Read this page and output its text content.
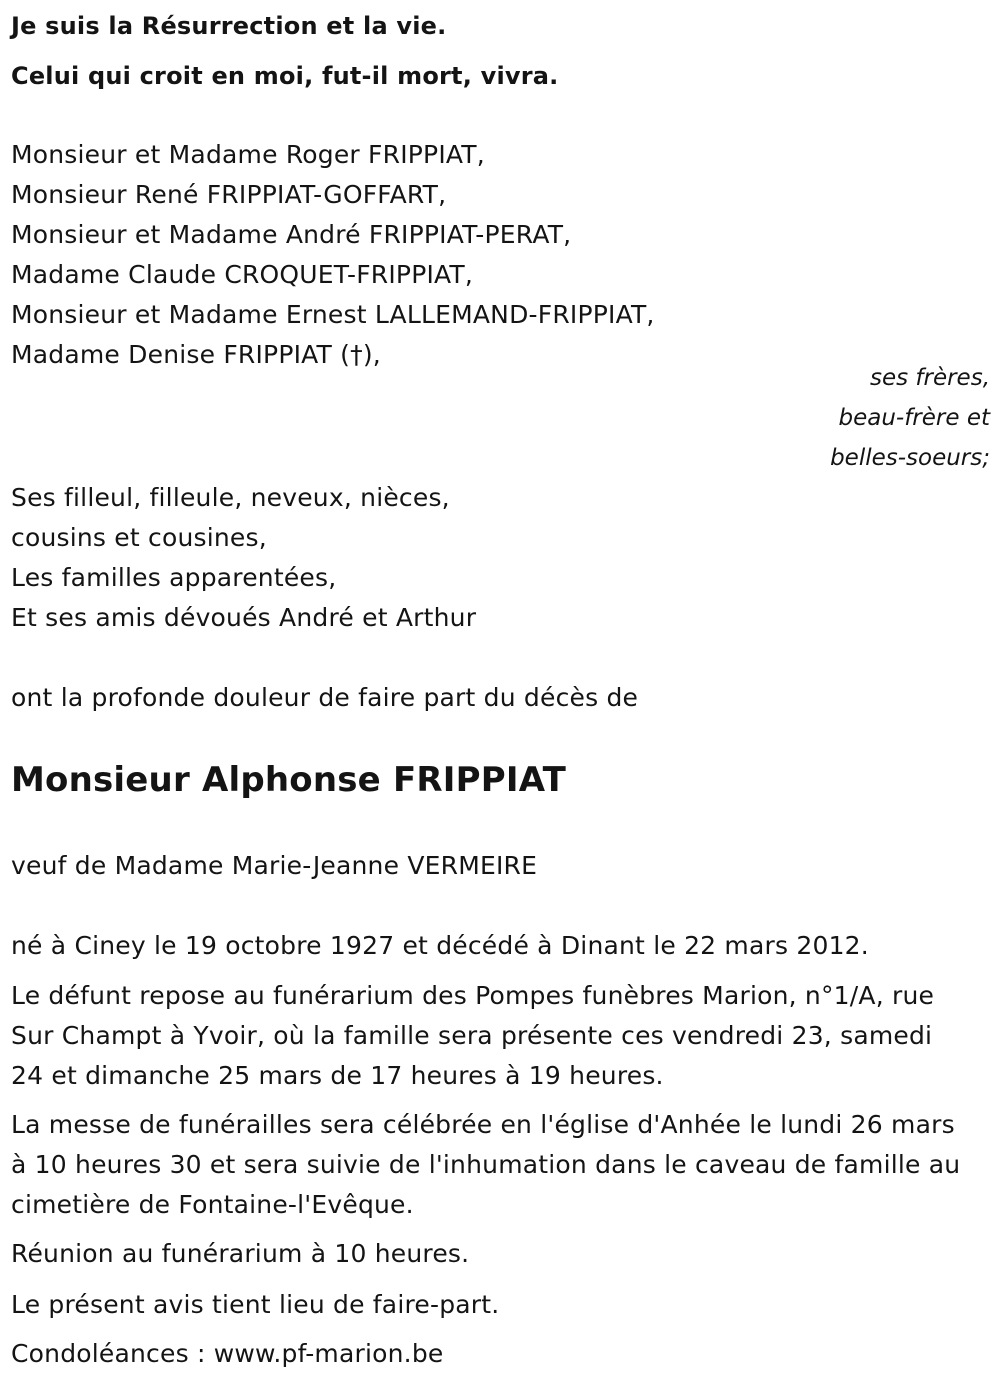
Je suis la Résurrection et la vie.
Celui qui croit en moi, fut-il mort, vivra.
Monsieur et Madame Roger FRIPPIAT,
Monsieur René FRIPPIAT-GOFFART,
Monsieur et Madame André FRIPPIAT-PERAT,
Madame Claude CROQUET-FRIPPIAT,
Monsieur et Madame Ernest LALLEMAND-FRIPPIAT,
Madame Denise FRIPPIAT (†),
ses frères,
beau-frère et
belles-soeurs;
Ses filleul, filleule, neveux, nièces,
cousins et cousines,
Les familles apparentées,
Et ses amis dévoués André et Arthur
ont la profonde douleur de faire part du décès de
Monsieur Alphonse FRIPPIAT
veuf de Madame Marie-Jeanne VERMEIRE
né à Ciney le 19 octobre 1927 et décédé à Dinant le 22 mars 2012.
Le défunt repose au funérarium des Pompes funèbres Marion, n°1/A, rue
Sur Champt à Yvoir, où la famille sera présente ces vendredi 23, samedi
24 et dimanche 25 mars de 17 heures à 19 heures.
La messe de funérailles sera célébrée en l'église d'Anhée le lundi 26 mars
à 10 heures 30 et sera suivie de l'inhumation dans le caveau de famille au
cimetière de Fontaine-l'Evêque.
Réunion au funérarium à 10 heures.
Le présent avis tient lieu de faire-part.
Condoléances : www.pf-marion.be
